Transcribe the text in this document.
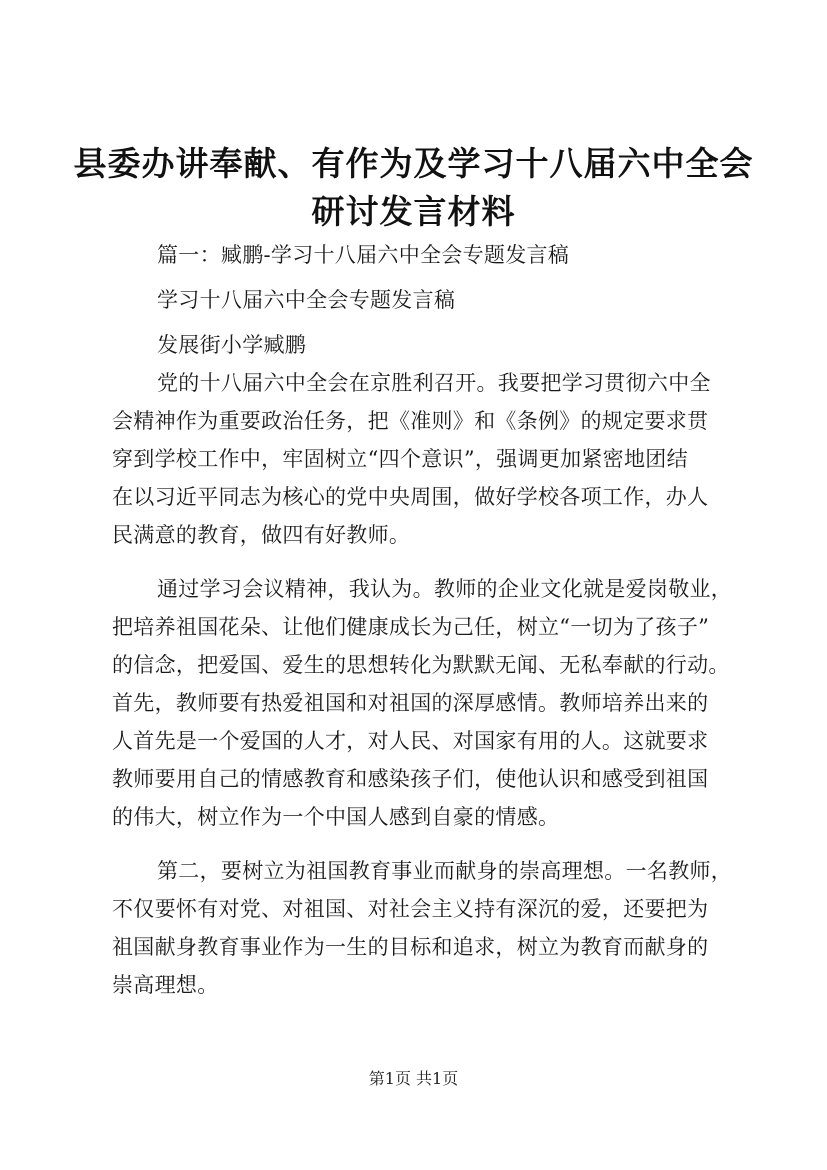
县委办讲奉献、有作为及学习十八届六中全会
研讨发言材料
篇一：臧鹏-学习十八届六中全会专题发言稿
学习十八届六中全会专题发言稿
发展街小学臧鹏
党的十八届六中全会在京胜利召开。我要把学习贯彻六中全
会精神作为重要政治任务，把《准则》和《条例》的规定要求贯
穿到学校工作中，牢固树立“四个意识”，强调更加紧密地团结
在以习近平同志为核心的党中央周围，做好学校各项工作，办人
民满意的教育，做四有好教师。
通过学习会议精神，我认为。教师的企业文化就是爱岗敬业，
把培养祖国花朵、让他们健康成长为己任，树立“一切为了孩子”
的信念，把爱国、爱生的思想转化为默默无闻、无私奉献的行动。
首先，教师要有热爱祖国和对祖国的深厚感情。教师培养出来的
人首先是一个爱国的人才，对人民、对国家有用的人。这就要求
教师要用自己的情感教育和感染孩子们，使他认识和感受到祖国
的伟大，树立作为一个中国人感到自豪的情感。
第二，要树立为祖国教育事业而献身的崇高理想。一名教师，
不仅要怀有对党、对祖国、对社会主义持有深沉的爱，还要把为
祖国献身教育事业作为一生的目标和追求，树立为教育而献身的
崇高理想。
第1页 共1页
